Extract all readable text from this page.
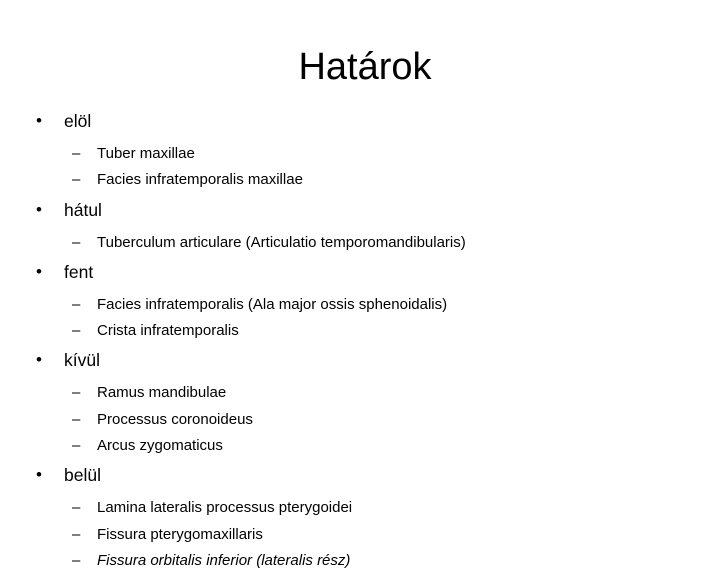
Határok
• elöl
– Tuber maxillae
– Facies infratemporalis maxillae
• hátul
– Tuberculum articulare (Articulatio temporomandibularis)
• fent
– Facies infratemporalis (Ala major ossis sphenoidalis)
– Crista infratemporalis
• kívül
– Ramus mandibulae
– Processus coronoideus
– Arcus zygomaticus
• belül
– Lamina lateralis processus pterygoidei
– Fissura pterygomaxillaris
– Fissura orbitalis inferior (lateralis rész)
